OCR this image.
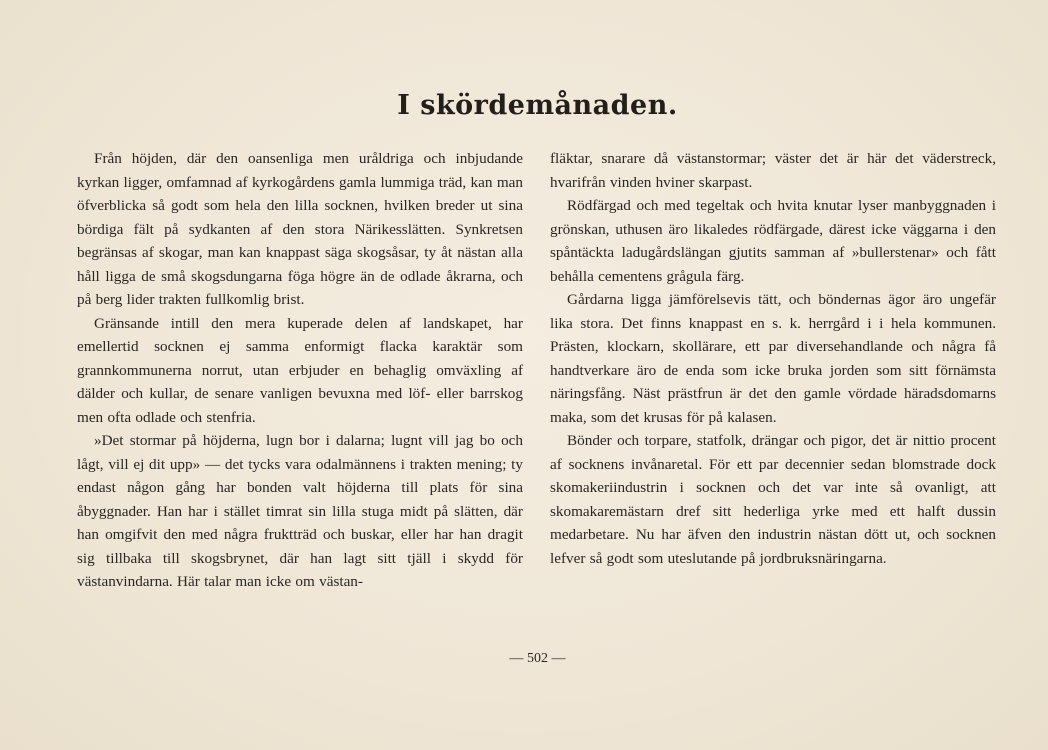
I skördemånaden.

Från höjden, där den oansenliga men uråldriga och inbjudande kyrkan ligger, omfamnad af kyrkogårdens gamla lummiga träd, kan man öfverblicka så godt som hela den lilla socknen, hvilken breder ut sina bördiga fält på sydkanten af den stora Närikesslätten. Synkretsen begränsas af skogar, man kan knappast säga skogsåsar, ty åt nästan alla håll ligga de små skogsdungarna föga högre än de odlade åkrarna, och på berg lider trakten fullkomlig brist.

Gränsande intill den mera kuperade delen af landskapet, har emellertid socknen ej samma enformigt flacka karaktär som grannkommunerna norrut, utan erbjuder en behaglig omväxling af dälder och kullar, de senare vanligen bevuxna med löf- eller barrskog men ofta odlade och stenfria.

»Det stormar på höjderna, lugn bor i dalarna; lugnt vill jag bo och lågt, vill ej dit upp» — det tycks vara odalmännens i trakten mening; ty endast någon gång har bonden valt höjderna till plats för sina åbyggnader. Han har i stället timrat sin lilla stuga midt på slätten, där han omgifvit den med några fruktträd och buskar, eller har han dragit sig tillbaka till skogsbrynet, där han lagt sitt tjäll i skydd för västanvindarna. Här talar man icke om västan-

fläktar, snarare då västanstormar; väster det är här det väderstreck, hvarifrån vinden hviner skarpast.

Rödfärgad och med tegeltak och hvita knutar lyser manbyggnaden i grönskan, uthusen äro likaledes rödfärgade, därest icke väggarna i den spåntäckta ladugårdslängan gjutits samman af »bullerstenar» och fått behålla cementens grågula färg.

Gårdarna ligga jämförelsevis tätt, och böndernas ägor äro ungefär lika stora. Det finns knappast en s. k. herrgård i i hela kommunen. Prästen, klockarn, skollärare, ett par diversehandlande och några få handtverkare äro de enda som icke bruka jorden som sitt förnämsta näringsfång. Näst prästfrun är det den gamle vördade häradsdomarns maka, som det krusas för på kalasen.

Bönder och torpare, statfolk, drängar och pigor, det är nittio procent af socknens invånaretal. För ett par decennier sedan blomstrade dock skomakeriindustrin i socknen och det var inte så ovanligt, att skomakaremästarn dref sitt hederliga yrke med ett halft dussin medarbetare. Nu har äfven den industrin nästan dött ut, och socknen lefver så godt som uteslutande på jordbruksnäringarna.

— 502 —
